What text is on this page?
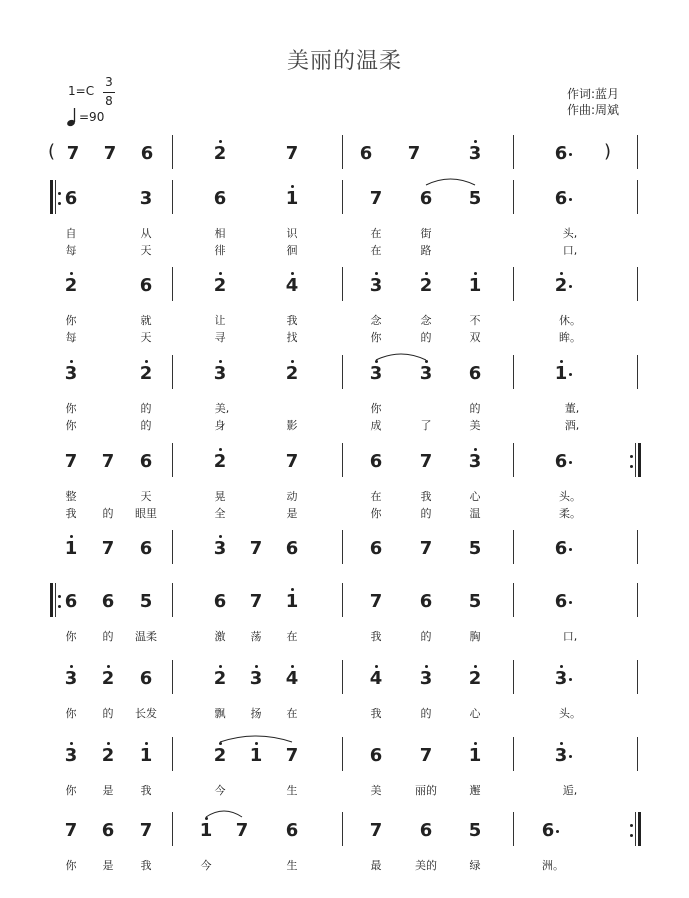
美丽的温柔
1=C
3
8
=90
作词:蓝月
作曲:周斌
(	)
7	7	6	2	7	6	7	3	6
6	3	6	1	7	6	5	6
自	从	相	识	在	街	头,
每	天	徘	徊	在	路	口,
2	6	2	4	3	2	1	2
你	就	让	我	念	念	不	休。
每	天	寻	找	你	的	双	眸。
3	2	3	2	3	3	6	1
你	的	美,	你	的	董,
你	的	身	影	成	了	美	酒,
7	7	6	2	7	6	7	3	6
整	天	晃	动	在	我	心	头。
我	的	眼里	全	是	你	的	温	柔。
1	7	6	3	7	6	6	7	5	6
6	6	5	6	7	1	7	6	5	6
你	的	温柔	激	荡	在	我	的	胸	口,
3	2	6	2	3	4	4	3	2	3
你	的	长发	飘	扬	在	我	的	心	头。
3	2	1	2	1	7	6	7	1	3
你	是	我	今	生	美	丽的	邂	逅,
7	6	7	1	7	6	7	6	5	6
你	是	我	今	生	最	美的	绿	洲。
